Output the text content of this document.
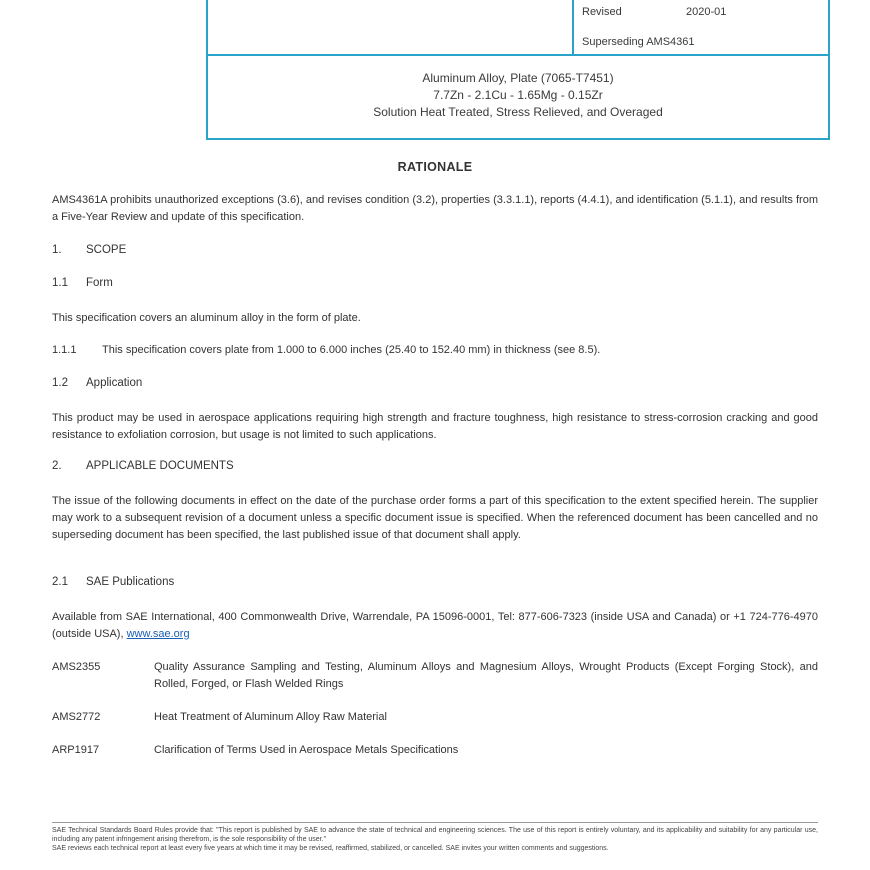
Revised	2020-01
Superseding AMS4361
Aluminum Alloy, Plate (7065-T7451)
7.7Zn - 2.1Cu - 1.65Mg - 0.15Zr
Solution Heat Treated, Stress Relieved, and Overaged
RATIONALE
AMS4361A prohibits unauthorized exceptions (3.6), and revises condition (3.2), properties (3.3.1.1), reports (4.4.1), and identification (5.1.1), and results from a Five-Year Review and update of this specification.
1. SCOPE
1.1 Form
This specification covers an aluminum alloy in the form of plate.
1.1.1 This specification covers plate from 1.000 to 6.000 inches (25.40 to 152.40 mm) in thickness (see 8.5).
1.2 Application
This product may be used in aerospace applications requiring high strength and fracture toughness, high resistance to stress-corrosion cracking and good resistance to exfoliation corrosion, but usage is not limited to such applications.
2. APPLICABLE DOCUMENTS
The issue of the following documents in effect on the date of the purchase order forms a part of this specification to the extent specified herein. The supplier may work to a subsequent revision of a document unless a specific document issue is specified. When the referenced document has been cancelled and no superseding document has been specified, the last published issue of that document shall apply.
2.1 SAE Publications
Available from SAE International, 400 Commonwealth Drive, Warrendale, PA 15096-0001, Tel: 877-606-7323 (inside USA and Canada) or +1 724-776-4970 (outside USA), www.sae.org
AMS2355	Quality Assurance Sampling and Testing, Aluminum Alloys and Magnesium Alloys, Wrought Products (Except Forging Stock), and Rolled, Forged, or Flash Welded Rings
AMS2772	Heat Treatment of Aluminum Alloy Raw Material
ARP1917	Clarification of Terms Used in Aerospace Metals Specifications
SAE Technical Standards Board Rules provide that: "This report is published by SAE to advance the state of technical and engineering sciences. The use of this report is entirely voluntary, and its applicability and suitability for any particular use, including any patent infringement arising therefrom, is the sole responsibility of the user."
SAE reviews each technical report at least every five years at which time it may be revised, reaffirmed, stabilized, or cancelled. SAE invites your written comments and suggestions.
